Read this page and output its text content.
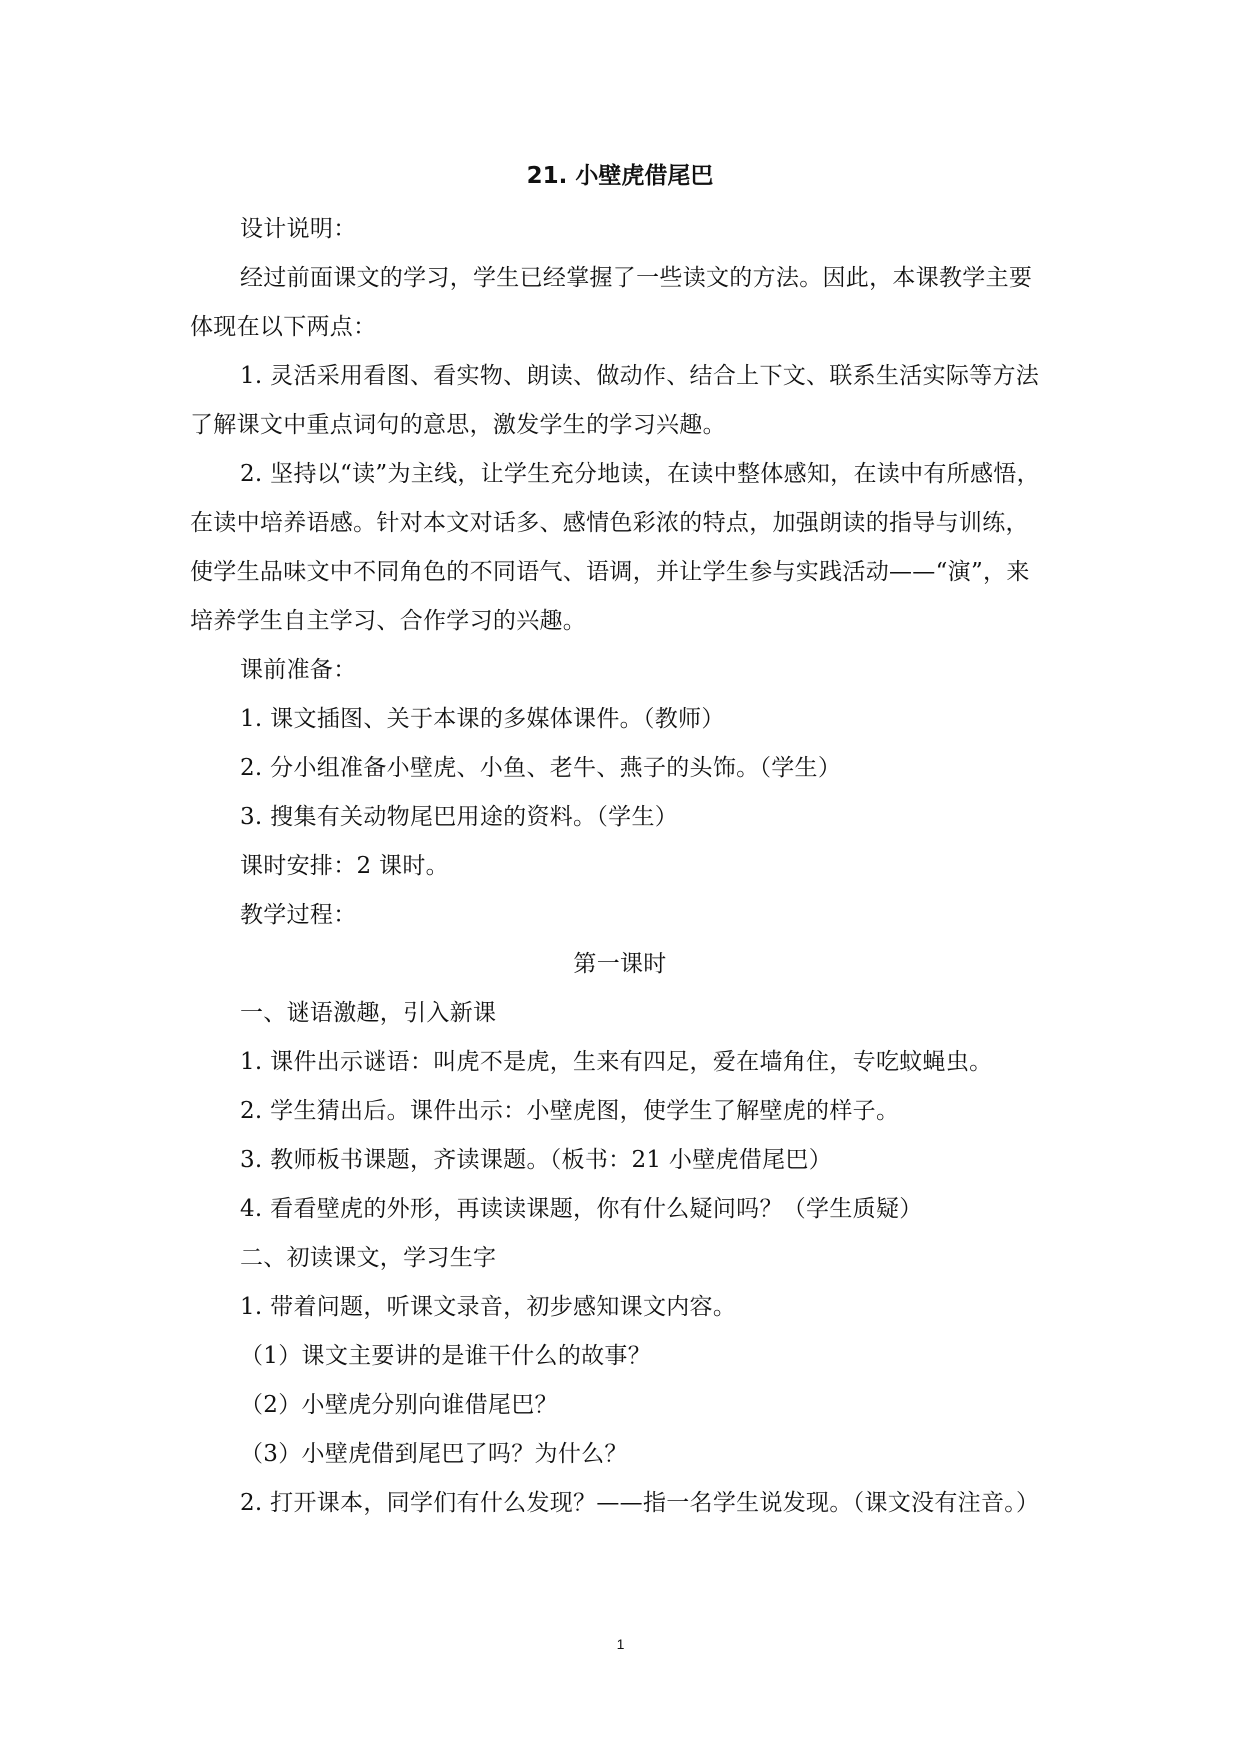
21. 小壁虎借尾巴

设计说明：

经过前面课文的学习，学生已经掌握了一些读文的方法。因此，本课教学主要体现在以下两点：

1. 灵活采用看图、看实物、朗读、做动作、结合上下文、联系生活实际等方法了解课文中重点词句的意思，激发学生的学习兴趣。

2. 坚持以“读”为主线，让学生充分地读，在读中整体感知，在读中有所感悟，在读中培养语感。针对本文对话多、感情色彩浓的特点，加强朗读的指导与训练，使学生品味文中不同角色的不同语气、语调，并让学生参与实践活动——“演”，来培养学生自主学习、合作学习的兴趣。

课前准备：

1. 课文插图、关于本课的多媒体课件。（教师）

2. 分小组准备小壁虎、小鱼、老牛、燕子的头饰。（学生）

3. 搜集有关动物尾巴用途的资料。（学生）

课时安排：2 课时。

教学过程：

第一课时

一、谜语激趣，引入新课

1. 课件出示谜语：叫虎不是虎，生来有四足，爱在墙角住，专吃蚊蝇虫。

2. 学生猜出后。课件出示：小壁虎图，使学生了解壁虎的样子。

3. 教师板书课题，齐读课题。（板书：21 小壁虎借尾巴）

4. 看看壁虎的外形，再读读课题，你有什么疑问吗？（学生质疑）

二、初读课文，学习生字

1. 带着问题，听课文录音，初步感知课文内容。

（1）课文主要讲的是谁干什么的故事？

（2）小壁虎分别向谁借尾巴？

（3）小壁虎借到尾巴了吗？为什么？

2. 打开课本，同学们有什么发现？——指一名学生说发现。（课文没有注音。）

1
